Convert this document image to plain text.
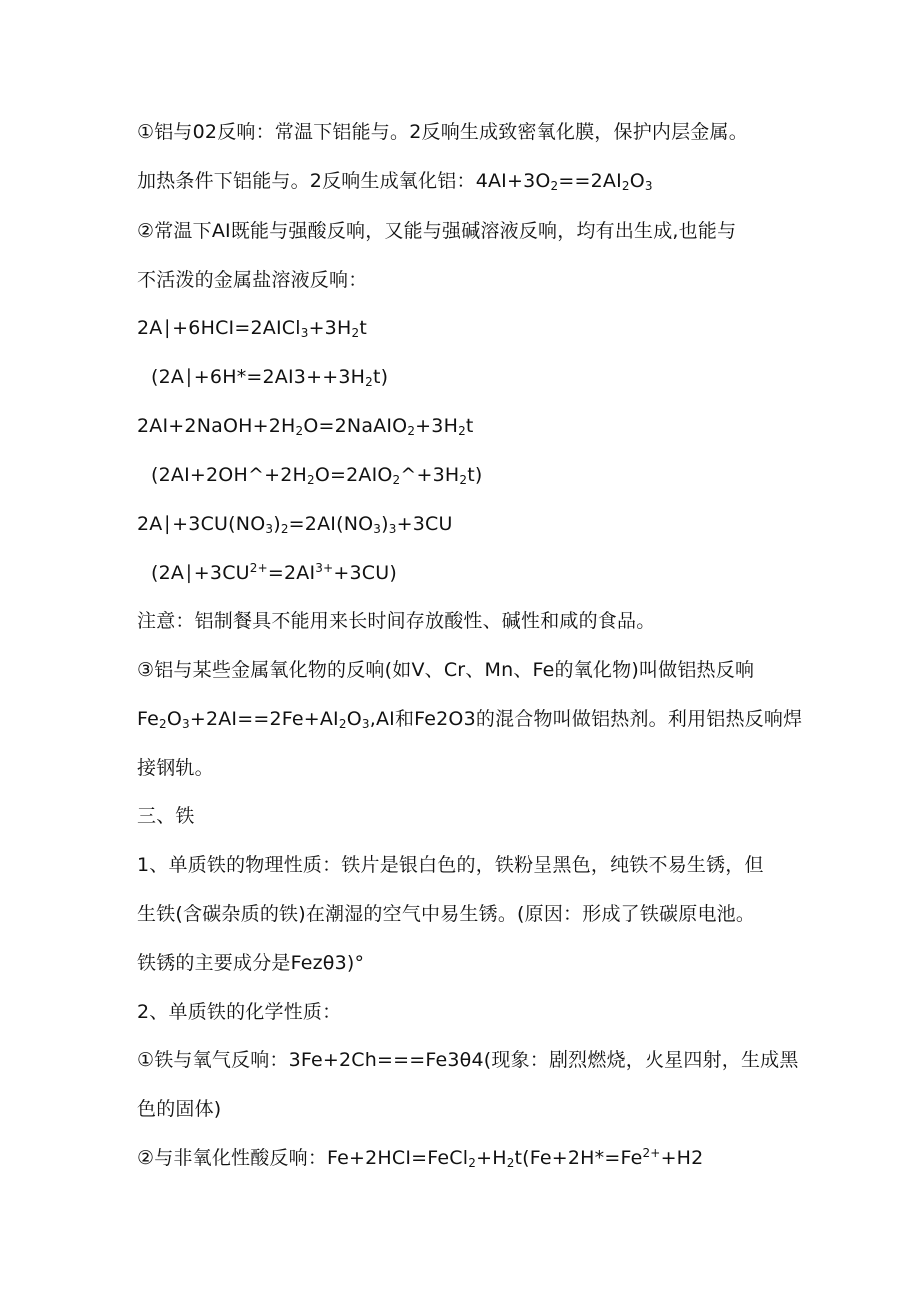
①铝与02反响：常温下铝能与。2反响生成致密氧化膜，保护内层金属。
加热条件下铝能与。2反响生成氧化铝：$4AI+3O_2==2AI_2O_3$
②常温下AI既能与强酸反响，又能与强碱溶液反响，均有出生成,也能与
不活泼的金属盐溶液反响：
$2A∣+6HCI=2AICl_3+3H_2t$
$(2A∣+6H*=2AI3++3H_2t)$
$2AI+2NaOH+2H_2O=2NaAIO_2+3H_2t$
$(2AI+2OH\^{}+2H_2O=2AIO_2\^{}+3H_2t)$
$2A∣+3CU(NO_3)_2=2AI(NO_3)_3+3CU$
$(2A∣+3CU^{2+}=2AI^{3+}+3CU)$
注意：铝制餐具不能用来长时间存放酸性、碱性和咸的食品。
③铝与某些金属氧化物的反响(如V、Cr、Mn、Fe的氧化物)叫做铝热反响
$Fe_2O_3+2AI==2Fe+AI_2O_3,AI$和Fe2O3的混合物叫做铝热剂。利用铝热反响焊
接钢轨。
三、铁
1、单质铁的物理性质：铁片是银白色的，铁粉呈黑色，纯铁不易生锈，但
生铁(含碳杂质的铁)在潮湿的空气中易生锈。(原因：形成了铁碳原电池。
铁锈的主要成分是Fezθ3)°
2、单质铁的化学性质：
①铁与氧气反响：3Fe+2Ch===Fe3θ4(现象：剧烈燃烧，火星四射，生成黑
色的固体)
②与非氧化性酸反响：$Fe+2HCI=FeCl_2+H_2t(Fe+2H*=Fe^{2+}+H2$
